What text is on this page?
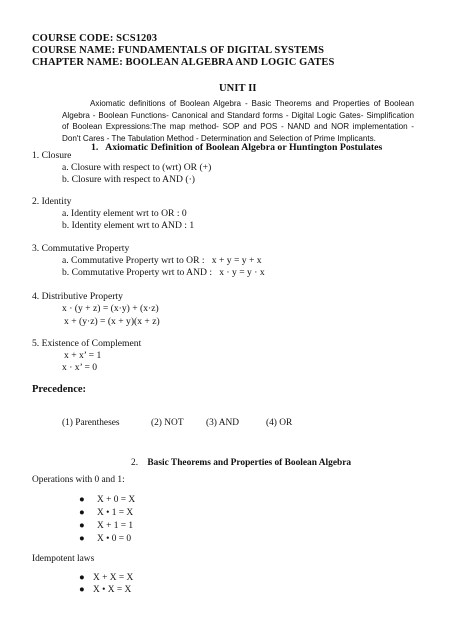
COURSE CODE: SCS1203
COURSE NAME: FUNDAMENTALS OF DIGITAL SYSTEMS
CHAPTER NAME: BOOLEAN ALGEBRA AND LOGIC GATES
UNIT II
Axiomatic definitions of Boolean Algebra - Basic Theorems and Properties of Boolean Algebra - Boolean Functions- Canonical and Standard forms - Digital Logic Gates- Simplification of Boolean Expressions:The map method- SOP and POS - NAND and NOR implementation - Don't Cares - The Tabulation Method - Determination and Selection of Prime Implicants.
1. Axiomatic Definition of Boolean Algebra or Huntington Postulates
1. Closure
a. Closure with respect to (wrt) OR (+)
b. Closure with respect to AND (·)
2. Identity
a. Identity element wrt to OR : 0
b. Identity element wrt to AND : 1
3. Commutative Property
a. Commutative Property wrt to OR : x + y = y + x
b. Commutative Property wrt to AND : x · y = y · x
4. Distributive Property
x · (y + z) = (x·y) + (x·z)
x + (y·z) = (x + y)(x + z)
5. Existence of Complement
x + x’ = 1
x · x’ = 0
Precedence:
(1) Parentheses	(2) NOT (3) AND	(4) OR
2. Basic Theorems and Properties of Boolean Algebra
Operations with 0 and 1:
● X + 0 = X
● X • 1 = X
● X + 1 = 1
● X • 0 = 0
Idempotent laws
● X + X = X
● X • X = X
